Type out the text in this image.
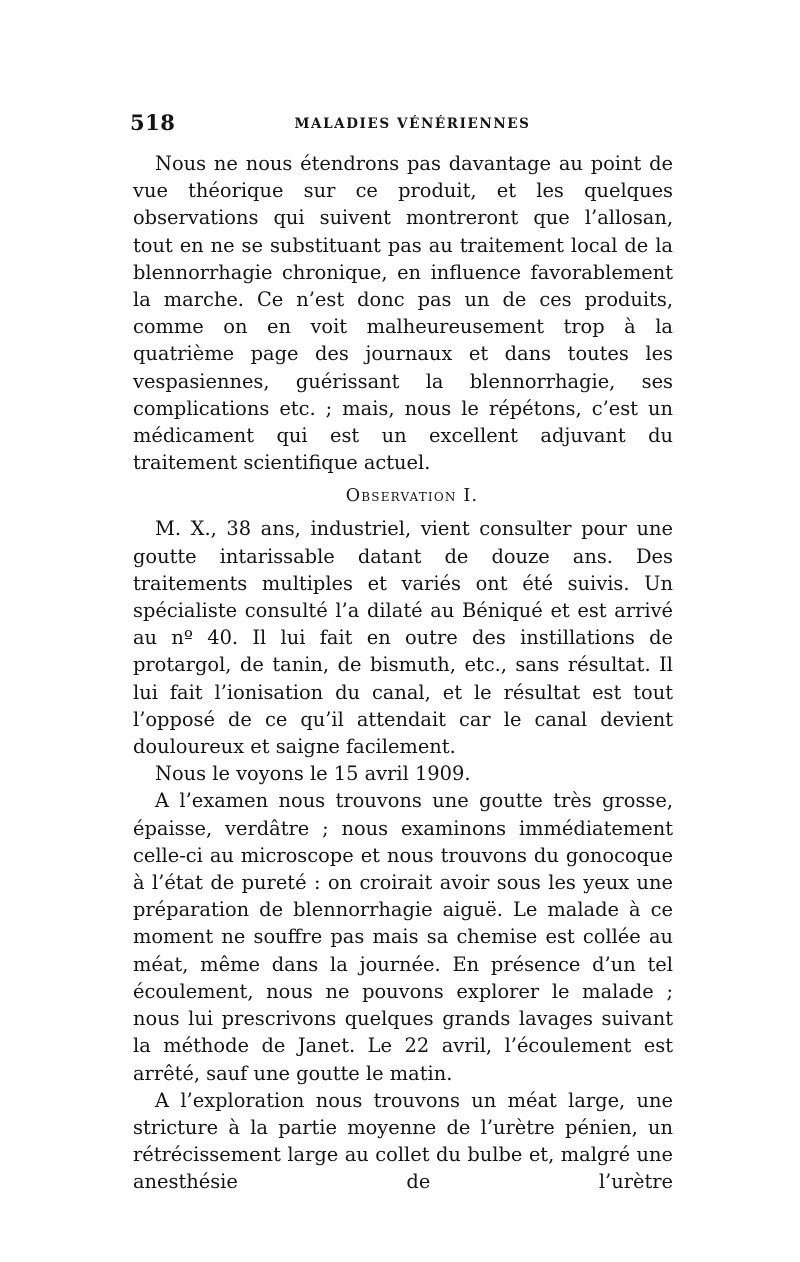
518	MALADIES VÉNÉRIENNES

Nous ne nous étendrons pas davantage au point de vue théorique sur ce produit, et les quelques observations qui suivent montreront que l’allosan, tout en ne se substituant pas au traitement local de la blennorrhagie chronique, en influence favorablement la marche. Ce n’est donc pas un de ces produits, comme on en voit malheureusement trop à la quatrième page des journaux et dans toutes les vespasiennes, guérissant la blennorrhagie, ses complications etc. ; mais, nous le répétons, c’est un médicament qui est un excellent adjuvant du traitement scientifique actuel.

Observation I.

M. X., 38 ans, industriel, vient consulter pour une goutte intarissable datant de douze ans. Des traitements multiples et variés ont été suivis. Un spécialiste consulté l’a dilaté au Béniqué et est arrivé au nº 40. Il lui fait en outre des instillations de protargol, de tanin, de bismuth, etc., sans résultat. Il lui fait l’ionisation du canal, et le résultat est tout l’opposé de ce qu’il attendait car le canal devient douloureux et saigne facilement.

Nous le voyons le 15 avril 1909.

A l’examen nous trouvons une goutte très grosse, épaisse, verdâtre ; nous examinons immédiatement celle-ci au microscope et nous trouvons du gonocoque à l’état de pureté : on croirait avoir sous les yeux une préparation de blennorrhagie aiguë. Le malade à ce moment ne souffre pas mais sa chemise est collée au méat, même dans la journée. En présence d’un tel écoulement, nous ne pouvons explorer le malade ; nous lui prescrivons quelques grands lavages suivant la méthode de Janet. Le 22 avril, l’écoulement est arrêté, sauf une goutte le matin.

A l’exploration nous trouvons un méat large, une stricture à la partie moyenne de l’urètre pénien, un rétrécissement large au collet du bulbe et, malgré une anesthésie de l’urètre
